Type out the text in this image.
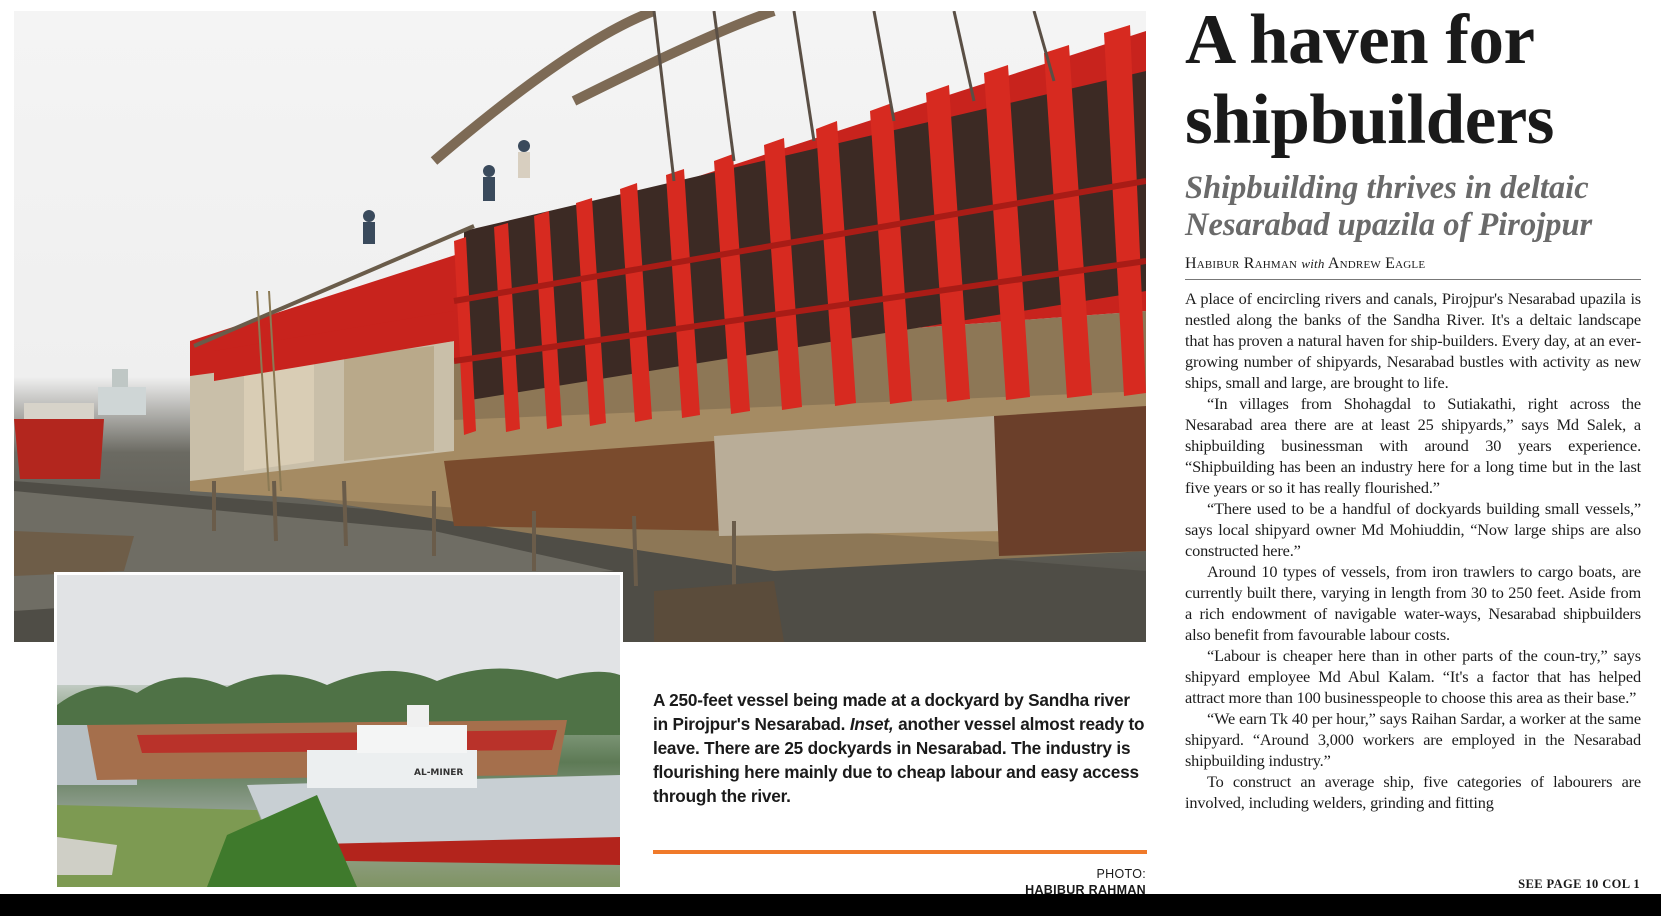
AL-MINER
A 250-feet vessel being made at a dockyard by Sandha river in Pirojpur's Nesarabad. Inset, another vessel almost ready to leave. There are 25 dockyards in Nesarabad. The industry is flourishing here mainly due to cheap labour and easy access through the river.
PHOTO:
HABIBUR RAHMAN
A haven for shipbuilders
Shipbuilding thrives in deltaic Nesarabad upazila of Pirojpur
Habibur Rahman with Andrew Eagle

A place of encircling rivers and canals, Pirojpur's Nesarabad upazila is nestled along the banks of the Sandha River. It's a deltaic landscape that has proven a natural haven for ship-builders. Every day, at an ever-growing number of shipyards, Nesarabad bustles with activity as new ships, small and large, are brought to life.

“In villages from Shohagdal to Sutiakathi, right across the Nesarabad area there are at least 25 shipyards,” says Md Salek, a shipbuilding businessman with around 30 years experience. “Shipbuilding has been an industry here for a long time but in the last five years or so it has really flourished.”

“There used to be a handful of dockyards building small vessels,” says local shipyard owner Md Mohiuddin, “Now large ships are also constructed here.”

Around 10 types of vessels, from iron trawlers to cargo boats, are currently built there, varying in length from 30 to 250 feet. Aside from a rich endowment of navigable water-ways, Nesarabad shipbuilders also benefit from favourable labour costs.

“Labour is cheaper here than in other parts of the coun-try,” says shipyard employee Md Abul Kalam. “It's a factor that has helped attract more than 100 businesspeople to choose this area as their base.”

“We earn Tk 40 per hour,” says Raihan Sardar, a worker at the same shipyard. “Around 3,000 workers are employed in the Nesarabad shipbuilding industry.”

To construct an average ship, five categories of labourers are involved, including welders, grinding and fitting

SEE PAGE 10 COL 1
